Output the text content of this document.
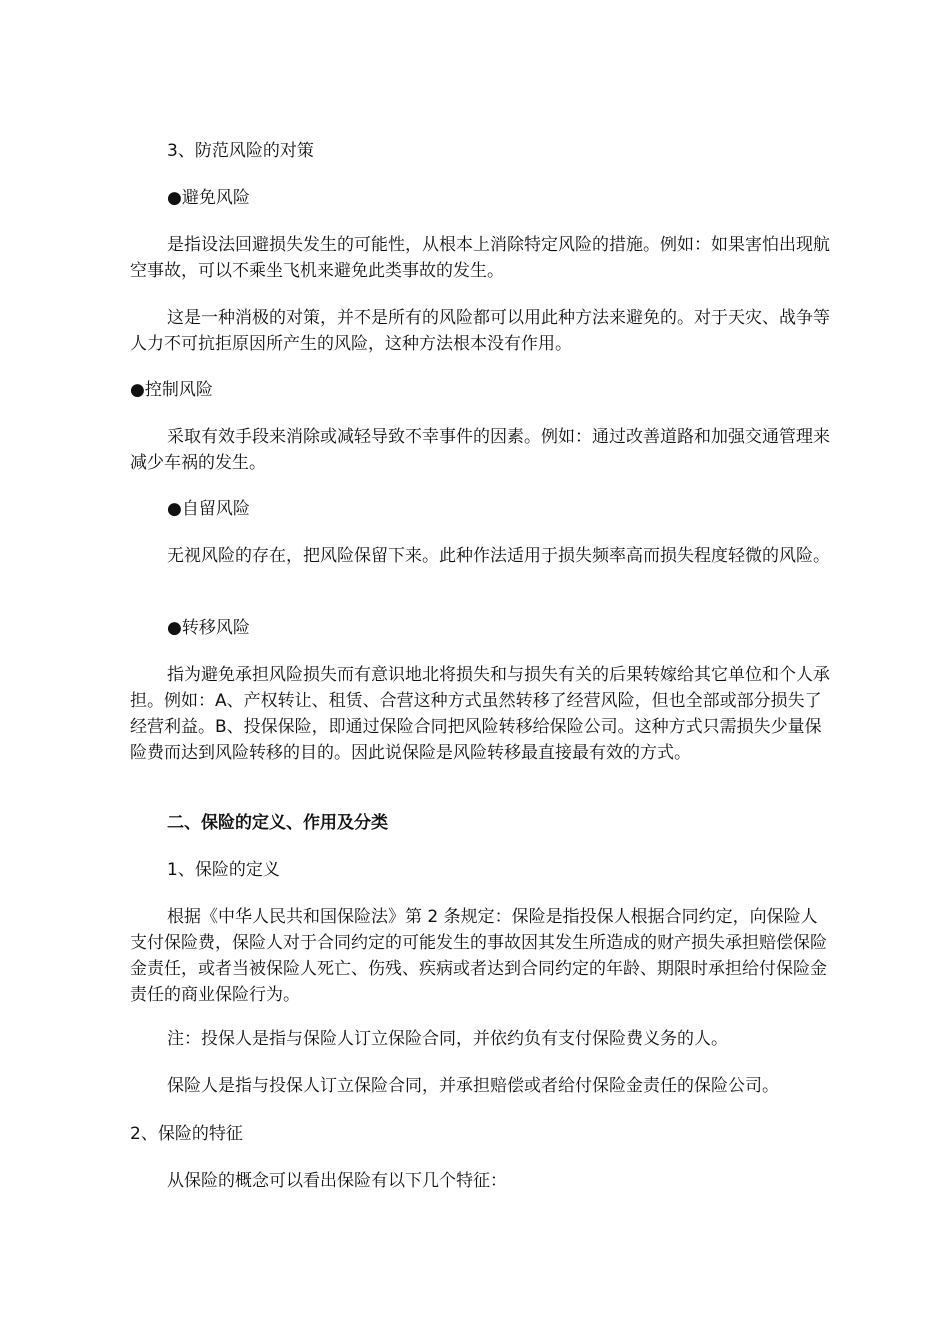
3、防范风险的对策

●避免风险

是指设法回避损失发生的可能性，从根本上消除特定风险的措施。例如：如果害怕出现航空事故，可以不乘坐飞机来避免此类事故的发生。

这是一种消极的对策，并不是所有的风险都可以用此种方法来避免的。对于天灾、战争等人力不可抗拒原因所产生的风险，这种方法根本没有作用。

●控制风险

采取有效手段来消除或减轻导致不幸事件的因素。例如：通过改善道路和加强交通管理来减少车祸的发生。

●自留风险

无视风险的存在，把风险保留下来。此种作法适用于损失频率高而损失程度轻微的风险。

●转移风险

指为避免承担风险损失而有意识地北将损失和与损失有关的后果转嫁给其它单位和个人承担。例如：A、产权转让、租赁、合营这种方式虽然转移了经营风险，但也全部或部分损失了经营利益。B、投保保险，即通过保险合同把风险转移给保险公司。这种方式只需损失少量保险费而达到风险转移的目的。因此说保险是风险转移最直接最有效的方式。

二、保险的定义、作用及分类

1、保险的定义

根据《中华人民共和国保险法》第 2 条规定：保险是指投保人根据合同约定，向保险人支付保险费，保险人对于合同约定的可能发生的事故因其发生所造成的财产损失承担赔偿保险金责任，或者当被保险人死亡、伤残、疾病或者达到合同约定的年龄、期限时承担给付保险金责任的商业保险行为。

注：投保人是指与保险人订立保险合同，并依约负有支付保险费义务的人。

保险人是指与投保人订立保险合同，并承担赔偿或者给付保险金责任的保险公司。

2、保险的特征

从保险的概念可以看出保险有以下几个特征：
